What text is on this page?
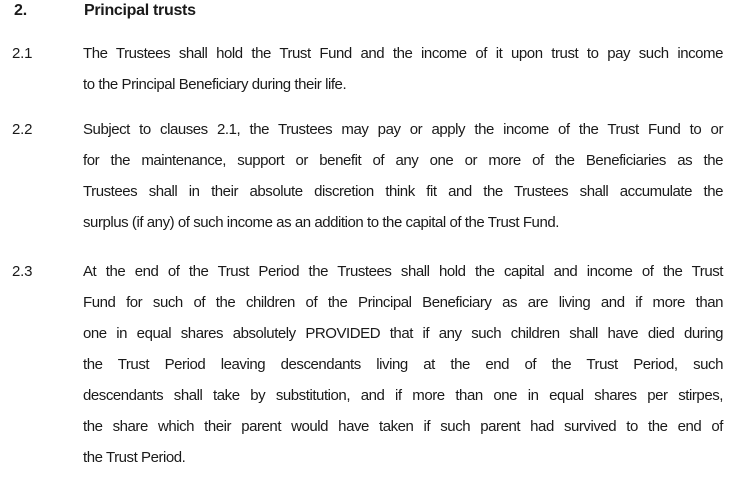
2.	Principal trusts
2.1	The Trustees shall hold the Trust Fund and the income of it upon trust to pay such income
to the Principal Beneficiary during their life.
2.2	Subject to clauses 2.1, the Trustees may pay or apply the income of the Trust Fund to or
for the maintenance, support or benefit of any one or more of the Beneficiaries as the
Trustees shall in their absolute discretion think fit and the Trustees shall accumulate the
surplus (if any) of such income as an addition to the capital of the Trust Fund.
2.3	At the end of the Trust Period the Trustees shall hold the capital and income of the Trust
Fund for such of the children of the Principal Beneficiary as are living and if more than
one in equal shares absolutely PROVIDED that if any such children shall have died during
the Trust Period leaving descendants living at the end of the Trust Period, such
descendants shall take by substitution, and if more than one in equal shares per stirpes,
the share which their parent would have taken if such parent had survived to the end of
the Trust Period.
